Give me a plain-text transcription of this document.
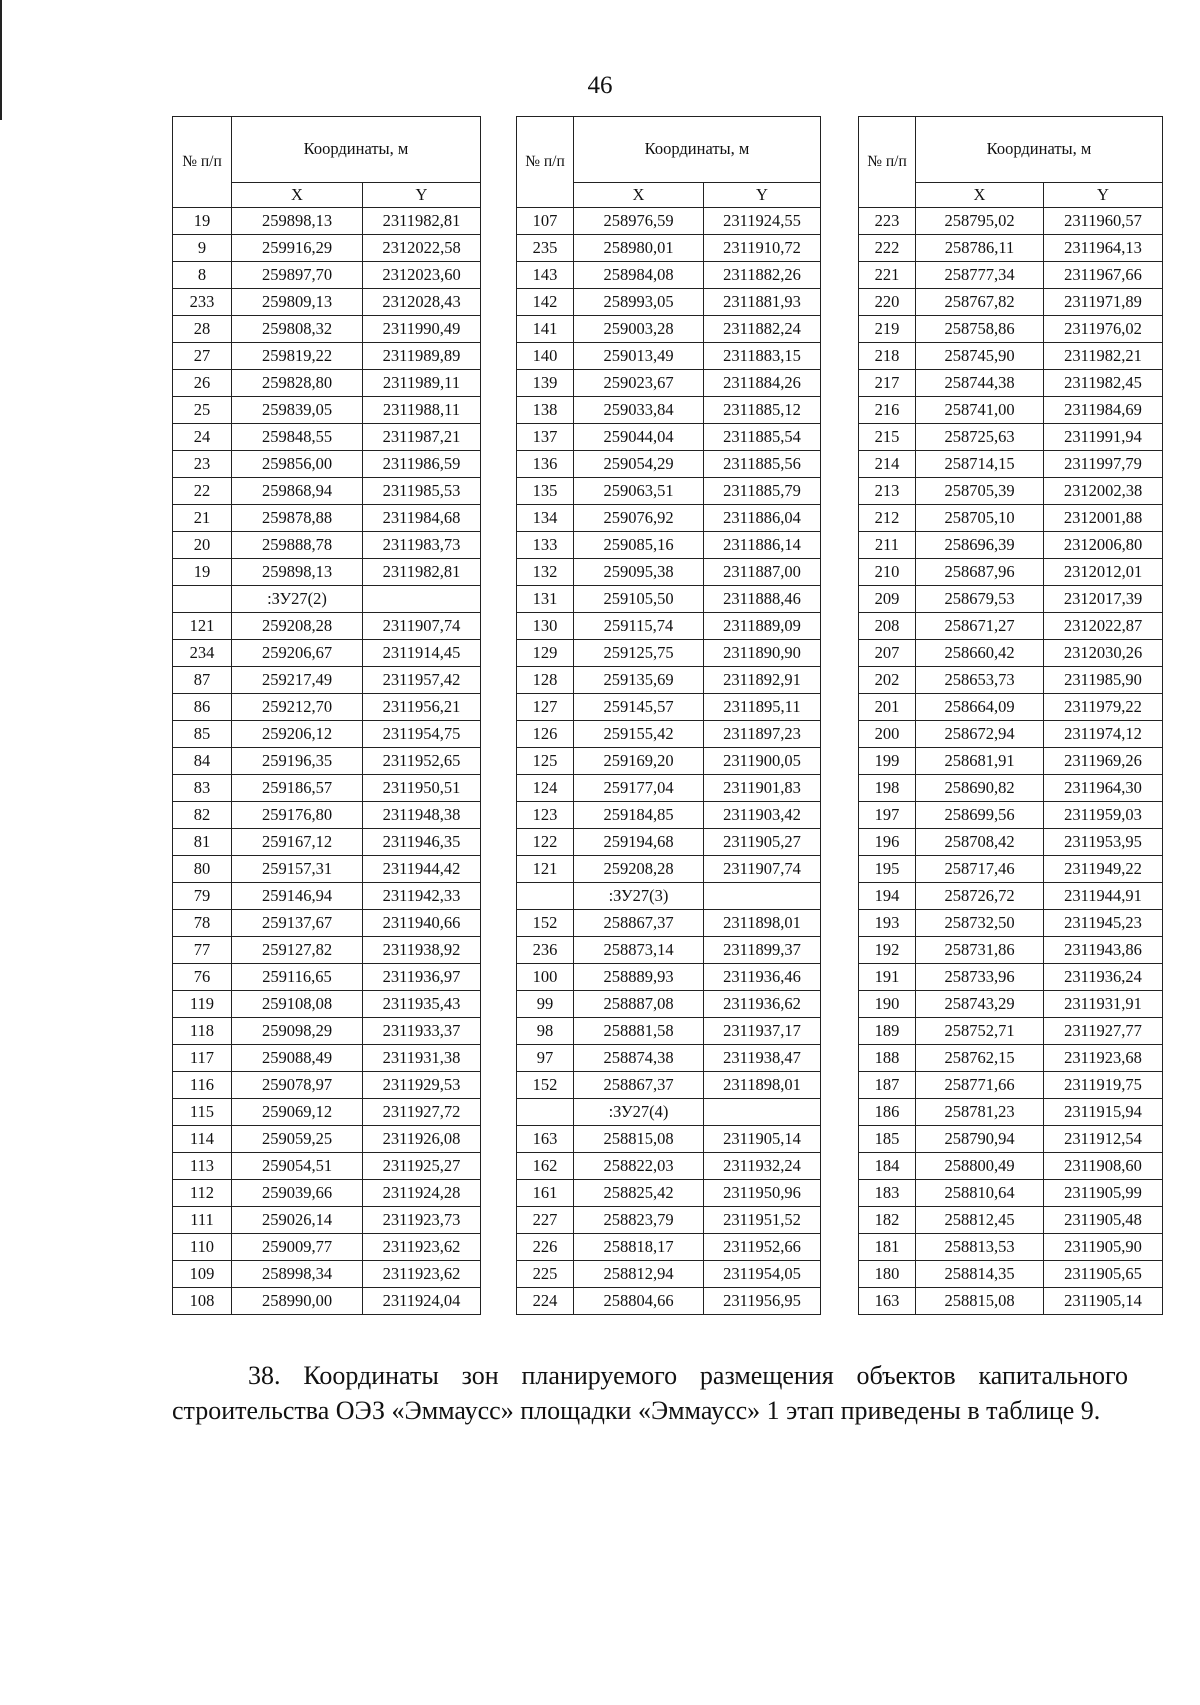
46
№ п/п	Координаты, м	
	X	Y
19	259898,13	2311982,81
9	259916,29	2312022,58
8	259897,70	2312023,60
233	259809,13	2312028,43
28	259808,32	2311990,49
27	259819,22	2311989,89
26	259828,80	2311989,11
25	259839,05	2311988,11
24	259848,55	2311987,21
23	259856,00	2311986,59
22	259868,94	2311985,53
21	259878,88	2311984,68
20	259888,78	2311983,73
19	259898,13	2311982,81
	:ЗУ27(2)	
121	259208,28	2311907,74
234	259206,67	2311914,45
87	259217,49	2311957,42
86	259212,70	2311956,21
85	259206,12	2311954,75
84	259196,35	2311952,65
83	259186,57	2311950,51
82	259176,80	2311948,38
81	259167,12	2311946,35
80	259157,31	2311944,42
79	259146,94	2311942,33
78	259137,67	2311940,66
77	259127,82	2311938,92
76	259116,65	2311936,97
119	259108,08	2311935,43
118	259098,29	2311933,37
117	259088,49	2311931,38
116	259078,97	2311929,53
115	259069,12	2311927,72
114	259059,25	2311926,08
113	259054,51	2311925,27
112	259039,66	2311924,28
111	259026,14	2311923,73
110	259009,77	2311923,62
109	258998,34	2311923,62
108	258990,00	2311924,04
№ п/п	Координаты, м	
	X	Y
107	258976,59	2311924,55
235	258980,01	2311910,72
143	258984,08	2311882,26
142	258993,05	2311881,93
141	259003,28	2311882,24
140	259013,49	2311883,15
139	259023,67	2311884,26
138	259033,84	2311885,12
137	259044,04	2311885,54
136	259054,29	2311885,56
135	259063,51	2311885,79
134	259076,92	2311886,04
133	259085,16	2311886,14
132	259095,38	2311887,00
131	259105,50	2311888,46
130	259115,74	2311889,09
129	259125,75	2311890,90
128	259135,69	2311892,91
127	259145,57	2311895,11
126	259155,42	2311897,23
125	259169,20	2311900,05
124	259177,04	2311901,83
123	259184,85	2311903,42
122	259194,68	2311905,27
121	259208,28	2311907,74
	:ЗУ27(3)	
152	258867,37	2311898,01
236	258873,14	2311899,37
100	258889,93	2311936,46
99	258887,08	2311936,62
98	258881,58	2311937,17
97	258874,38	2311938,47
152	258867,37	2311898,01
	:ЗУ27(4)	
163	258815,08	2311905,14
162	258822,03	2311932,24
161	258825,42	2311950,96
227	258823,79	2311951,52
226	258818,17	2311952,66
225	258812,94	2311954,05
224	258804,66	2311956,95
№ п/п	Координаты, м	
	X	Y
223	258795,02	2311960,57
222	258786,11	2311964,13
221	258777,34	2311967,66
220	258767,82	2311971,89
219	258758,86	2311976,02
218	258745,90	2311982,21
217	258744,38	2311982,45
216	258741,00	2311984,69
215	258725,63	2311991,94
214	258714,15	2311997,79
213	258705,39	2312002,38
212	258705,10	2312001,88
211	258696,39	2312006,80
210	258687,96	2312012,01
209	258679,53	2312017,39
208	258671,27	2312022,87
207	258660,42	2312030,26
202	258653,73	2311985,90
201	258664,09	2311979,22
200	258672,94	2311974,12
199	258681,91	2311969,26
198	258690,82	2311964,30
197	258699,56	2311959,03
196	258708,42	2311953,95
195	258717,46	2311949,22
194	258726,72	2311944,91
193	258732,50	2311945,23
192	258731,86	2311943,86
191	258733,96	2311936,24
190	258743,29	2311931,91
189	258752,71	2311927,77
188	258762,15	2311923,68
187	258771,66	2311919,75
186	258781,23	2311915,94
185	258790,94	2311912,54
184	258800,49	2311908,60
183	258810,64	2311905,99
182	258812,45	2311905,48
181	258813,53	2311905,90
180	258814,35	2311905,65
163	258815,08	2311905,14
38. Координаты зон планируемого размещения объектов капитального строительства ОЭЗ «Эммаусс» площадки «Эммаусс» 1 этап приведены в таблице 9.
